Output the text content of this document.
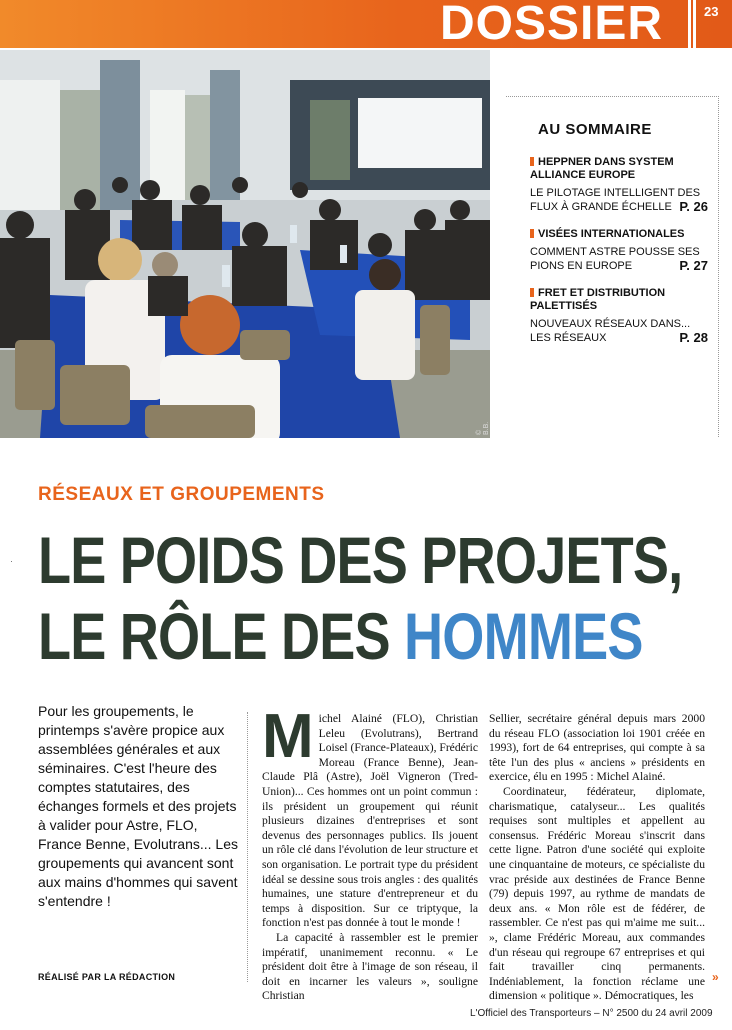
DOSSIER	23
© B.B.
AU SOMMAIRE
HEPPNER DANS SYSTEM ALLIANCE EUROPE
LE PILOTAGE INTELLIGENT DES FLUX À GRANDE ÉCHELLE P. 26
VISÉES INTERNATIONALES
COMMENT ASTRE POUSSE SES PIONS EN EUROPE	P. 27
FRET ET DISTRIBUTION PALETTISÉS
NOUVEAUX RÉSEAUX DANS... LES RÉSEAUX	P. 28
RÉSEAUX ET GROUPEMENTS
· LE POIDS DES PROJETS,
LE RÔLE DES HOMMES
Pour les groupements, le printemps s'avère propice aux assemblées générales et aux séminaires. C'est l'heure des comptes statutaires, des échanges formels et des projets à valider pour Astre, FLO, France Benne, Evolutrans... Les groupements qui avancent sont aux mains d'hommes qui savent s'entendre !
RÉALISÉ PAR LA RÉDACTION
M ichel Alainé (FLO), Christian Leleu (Evolutrans), Bertrand Loisel (France-Plateaux), Frédéric Moreau (France Benne), Jean-Claude Plâ (Astre), Joël Vigneron (Tred-Union)... Ces hommes ont un point commun : ils président un groupement qui réunit plusieurs dizaines d'entreprises et sont devenus des personnages publics. Ils jouent un rôle clé dans l'évolution de leur structure et son organisation. Le portrait type du président idéal se dessine sous trois angles : des qualités humaines, une stature d'entrepreneur et du temps à disposition. Sur ce triptyque, la fonction n'est pas donnée à tout le monde !

La capacité à rassembler est le premier impératif, unanimement reconnu. « Le président doit être à l'image de son réseau, il doit en incarner les valeurs », souligne Christian

Sellier, secrétaire général depuis mars 2000 du réseau FLO (association loi 1901 créée en 1993), fort de 64 entreprises, qui compte à sa tête l'un des plus « anciens » présidents en exercice, élu en 1995 : Michel Alainé.

Coordinateur, fédérateur, diplomate, charismatique, catalyseur... Les qualités requises sont multiples et appellent au consensus. Frédéric Moreau s'inscrit dans cette ligne. Patron d'une société qui exploite une cinquantaine de moteurs, ce spécialiste du vrac préside aux destinées de France Benne (79) depuis 1997, au rythme de mandats de deux ans. « Mon rôle est de fédérer, de rassembler. Ce n'est pas qui m'aime me suit... », clame Frédéric Moreau, aux commandes d'un réseau qui regroupe 67 entreprises et qui fait travailler cinq permanents. Indéniablement, la fonction réclame une dimension « politique ». Démocratiques, les

»
L'Officiel des Transporteurs – N° 2500 du 24 avril 2009
